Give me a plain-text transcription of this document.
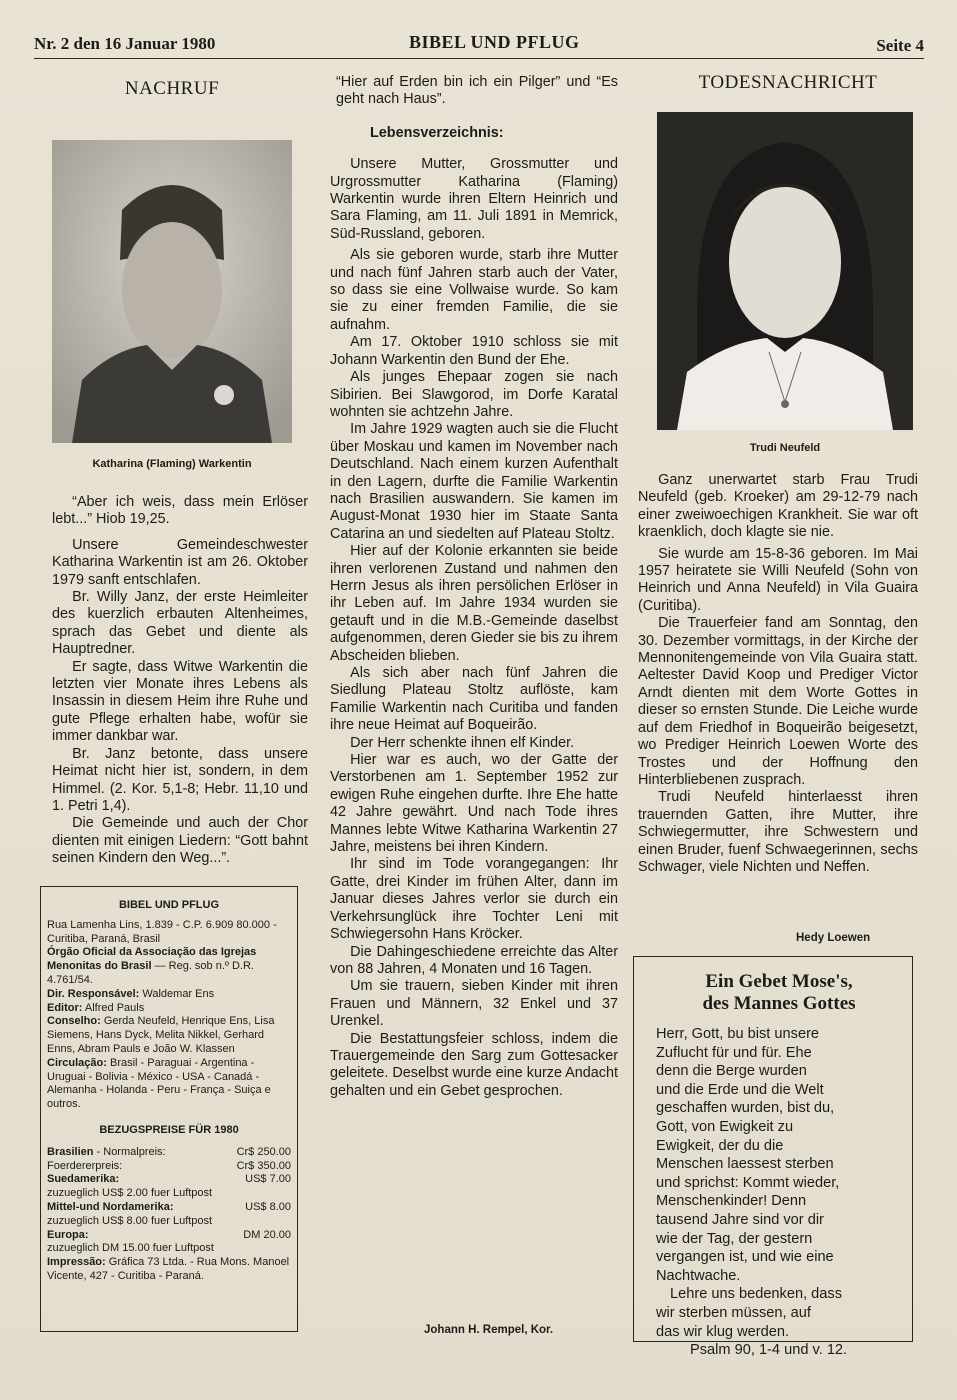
Nr. 2 den 16 Januar 1980	BIBEL UND PFLUG	Seite 4
NACHRUF
Katharina (Flaming) Warkentin

“Aber ich weis, dass mein Erlöser lebt...” Hiob 19,25.

Unsere Gemeindeschwester Katharina Warkentin ist am 26. Oktober 1979 sanft entschlafen.

Br. Willy Janz, der erste Heimleiter des kuerzlich erbauten Altenheimes, sprach das Gebet und diente als Hauptredner.

Er sagte, dass Witwe Warkentin die letzten vier Monate ihres Lebens als Insassin in diesem Heim ihre Ruhe und gute Pflege erhalten habe, wofür sie immer dankbar war.

Br. Janz betonte, dass unsere Heimat nicht hier ist, sondern, in dem Himmel. (2. Kor. 5,1-8; Hebr. 11,10 und 1. Petri 1,4).

Die Gemeinde und auch der Chor dienten mit einigen Liedern: “Gott bahnt seinen Kindern den Weg...”.

BIBEL UND PFLUG
Rua Lamenha Lins, 1.839 - C.P. 6.909 80.000 - Curitiba, Paraná, Brasil
Órgão Oficial da Associação das Igrejas Menonitas do Brasil — Reg. sob n.º D.R. 4.761/54.
Dir. Responsável: Waldemar Ens
Editor: Alfred Pauls
Conselho: Gerda Neufeld, Henrique Ens, Lisa Siemens, Hans Dyck, Melita Nikkel, Gerhard Enns, Abram Pauls e João W. Klassen
Circulação: Brasil - Paraguai - Argentina - Uruguai - Bolivia - México - USA - Canadá - Alemanha - Holanda - Peru - França - Suiça e outros.
BEZUGSPREISE FÜR 1980
Brasilien - Normalpreis:	Cr$ 250.00
Foerdererpreis:	Cr$ 350.00
Suedamerika:	US$ 7.00
zuzueglich US$ 2.00 fuer Luftpost
Mittel-und Nordamerika:	US$ 8.00
zuzueglich US$ 8.00 fuer Luftpost
Europa:	DM 20.00
zuzueglich DM 15.00 fuer Luftpost
Impressão: Gráfica 73 Ltda. - Rua Mons. Manoel Vicente, 427 - Curitiba - Paraná.

“Hier auf Erden bin ich ein Pilger” und “Es geht nach Haus”.

Lebensverzeichnis:

Unsere Mutter, Grossmutter und Urgrossmutter Katharina (Flaming) Warkentin wurde ihren Eltern Heinrich und Sara Flaming, am 11. Juli 1891 in Memrick, Süd-Russland, geboren.

Als sie geboren wurde, starb ihre Mutter und nach fünf Jahren starb auch der Vater, so dass sie eine Vollwaise wurde. So kam sie zu einer fremden Familie, die sie aufnahm.

Am 17. Oktober 1910 schloss sie mit Johann Warkentin den Bund der Ehe.

Als junges Ehepaar zogen sie nach Sibirien. Bei Slawgorod, im Dorfe Karatal wohnten sie achtzehn Jahre.

Im Jahre 1929 wagten auch sie die Flucht über Moskau und kamen im November nach Deutschland. Nach einem kurzen Aufenthalt in den Lagern, durfte die Familie Warkentin nach Brasilien auswandern. Sie kamen im August-Monat 1930 hier im Staate Santa Catarina an und siedelten auf Plateau Stoltz.

Hier auf der Kolonie erkannten sie beide ihren verlorenen Zustand und nahmen den Herrn Jesus als ihren persölichen Erlöser in ihr Leben auf. Im Jahre 1934 wurden sie getauft und in die M.B.-Gemeinde daselbst aufgenommen, deren Gieder sie bis zu ihrem Abscheiden blieben.

Als sich aber nach fünf Jahren die Siedlung Plateau Stoltz auflöste, kam Familie Warkentin nach Curitiba und fanden ihre neue Heimat auf Boqueirão.

Der Herr schenkte ihnen elf Kinder.

Hier war es auch, wo der Gatte der Verstorbenen am 1. September 1952 zur ewigen Ruhe eingehen durfte. Ihre Ehe hatte 42 Jahre gewährt. Und nach Tode ihres Mannes lebte Witwe Katharina Warkentin 27 Jahre, meistens bei ihren Kindern.

Ihr sind im Tode vorangegangen: Ihr Gatte, drei Kinder im frühen Alter, dann im Januar dieses Jahres verlor sie durch ein Verkehrsunglück ihre Tochter Leni mit Schwiegersohn Hans Kröcker.

Die Dahingeschiedene erreichte das Alter von 88 Jahren, 4 Monaten und 16 Tagen.

Um sie trauern, sieben Kinder mit ihren Frauen und Männern, 32 Enkel und 37 Urenkel.

Die Bestattungsfeier schloss, indem die Trauergemeinde den Sarg zum Gottesacker geleitete. Deselbst wurde eine kurze Andacht gehalten und ein Gebet gesprochen.

Johann H. Rempel, Kor.
TODESNACHRICHT
Trudi Neufeld

Ganz unerwartet starb Frau Trudi Neufeld (geb. Kroeker) am 29-12-79 nach einer zweiwoechigen Krankheit. Sie war oft kraenklich, doch klagte sie nie.

Sie wurde am 15-8-36 geboren. Im Mai 1957 heiratete sie Willi Neufeld (Sohn von Heinrich und Anna Neufeld) in Vila Guaira (Curitiba).

Die Trauerfeier fand am Sonntag, den 30. Dezember vormittags, in der Kirche der Mennonitengemeinde von Vila Guaira statt. Aeltester David Koop und Prediger Victor Arndt dienten mit dem Worte Gottes in dieser so ernsten Stunde. Die Leiche wurde auf dem Friedhof in Boqueirão beigesetzt, wo Prediger Heinrich Loewen Worte des Trostes und der Hoffnung den Hinterbliebenen zusprach.

Trudi Neufeld hinterlaesst ihren trauernden Gatten, ihre Mutter, ihre Schwiegermutter, ihre Schwestern und einen Bruder, fuenf Schwaegerinnen, sechs Schwager, viele Nichten und Neffen.

Hedy Loewen
Ein Gebet Mose's,
des Mannes Gottes
Herr, Gott, bu bist unsere
Zuflucht für und für. Ehe
denn die Berge wurden
und die Erde und die Welt
geschaffen wurden, bist du,
Gott, von Ewigkeit zu
Ewigkeit, der du die
Menschen laessest sterben
und sprichst: Kommt wieder,
Menschenkinder! Denn
tausend Jahre sind vor dir
wie der Tag, der gestern
vergangen ist, und wie eine
Nachtwache.
Lehre uns bedenken, dass
wir sterben müssen, auf
das wir klug werden.
Psalm 90, 1-4 und v. 12.
